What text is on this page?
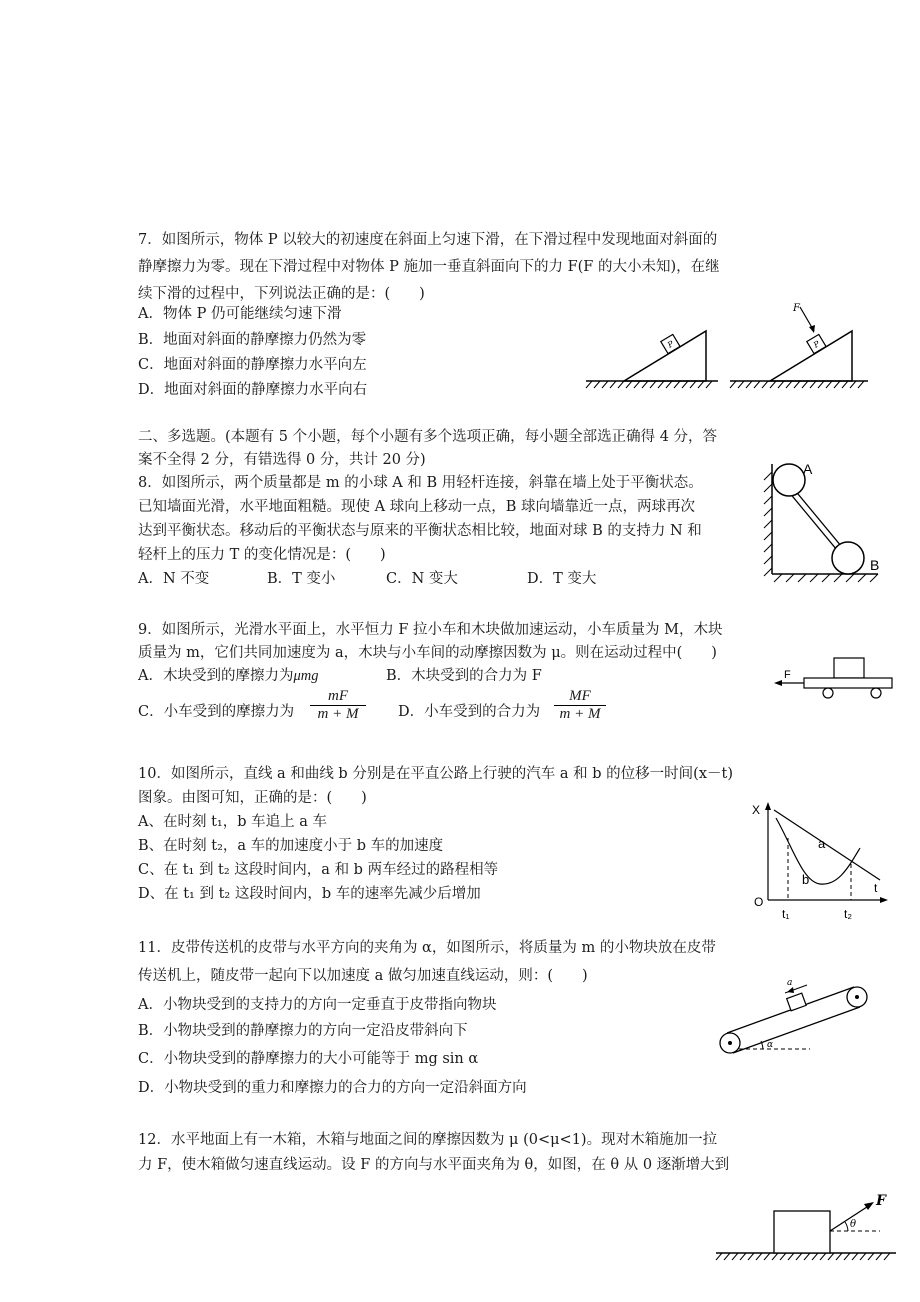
7．如图所示，物体 P 以较大的初速度在斜面上匀速下滑，在下滑过程中发现地面对斜面的
静摩擦力为零。现在下滑过程中对物体 P 施加一垂直斜面向下的力 F(F 的大小未知)，在继
续下滑的过程中，下列说法正确的是：(　　)
A．物体 P 仍可能继续匀速下滑
B．地面对斜面的静摩擦力仍然为零
C．地面对斜面的静摩擦力水平向左
D．地面对斜面的静摩擦力水平向右
P	P
F
二、多选题。(本题有 5 个小题，每个小题有多个选项正确，每小题全部选正确得 4 分，答
案不全得 2 分，有错选得 0 分，共计 20 分)
8．如图所示，两个质量都是 m 的小球 A 和 B 用轻杆连接，斜靠在墙上处于平衡状态。
已知墙面光滑，水平地面粗糙。现使 A 球向上移动一点，B 球向墙靠近一点，两球再次
达到平衡状态。移动后的平衡状态与原来的平衡状态相比较，地面对球 B 的支持力 N 和
轻杆上的压力 T 的变化情况是：(　　)
A．N 不变	B．T 变小	C．N 变大	D．T 变大
A
B
9．如图所示，光滑水平面上，水平恒力 F 拉小车和木块做加速运动，小车质量为 M，木块
质量为 m，它们共同加速度为 a，木块与小车间的动摩擦因数为 μ。则在运动过程中(　　)
A．木块受到的摩擦力为μmg	B．木块受到的合力为 F
C．小车受到的摩擦力为 $\frac{mF}{m + M}$ D．小车受到的合力为 $\frac{MF}{m + M}$
F
10．如图所示，直线 a 和曲线 b 分别是在平直公路上行驶的汽车 a 和 b 的位移一时间(x－t)
图象。由图可知，正确的是：(　　)
A、在时刻 t₁，b 车追上 a 车
B、在时刻 t₂，a 车的加速度小于 b 车的加速度
C、在 t₁ 到 t₂ 这段时间内，a 和 b 两车经过的路程相等
D、在 t₁ 到 t₂ 这段时间内，b 车的速率先减少后增加
X
t
O
a
b
t₁	t₂
11．皮带传送机的皮带与水平方向的夹角为 α，如图所示，将质量为 m 的小物块放在皮带
传送机上，随皮带一起向下以加速度 a 做匀加速直线运动，则：(　　)
A．小物块受到的支持力的方向一定垂直于皮带指向物块
B．小物块受到的静摩擦力的方向一定沿皮带斜向下
C．小物块受到的静摩擦力的大小可能等于 mg sin α
D．小物块受到的重力和摩擦力的合力的方向一定沿斜面方向
a
α
12．水平地面上有一木箱，木箱与地面之间的摩擦因数为 μ (0<μ<1)。现对木箱施加一拉
力 F，使木箱做匀速直线运动。设 F 的方向与水平面夹角为 θ，如图，在 θ 从 0 逐渐增大到
θ
F
